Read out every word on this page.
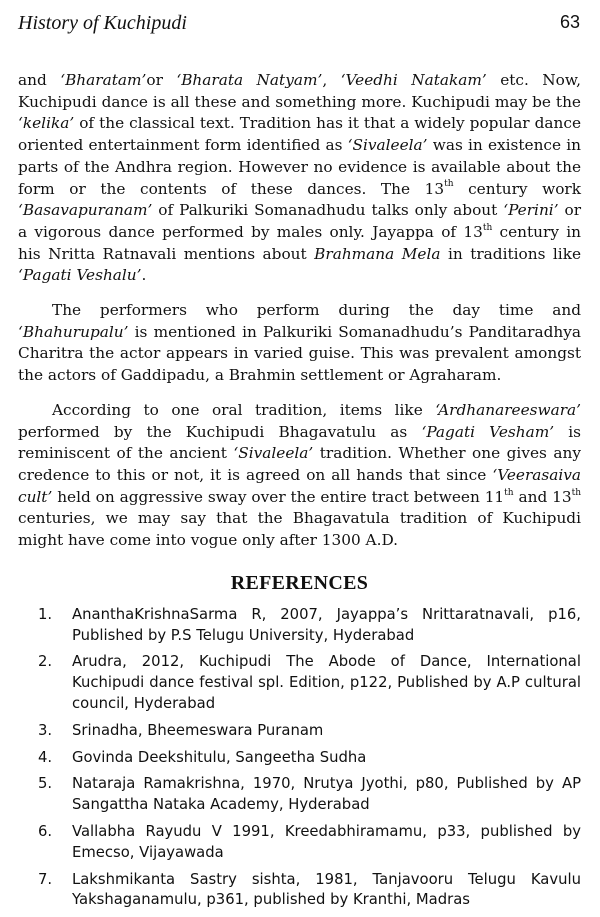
History of Kuchipudi	63

and ‘Bharatam’or ‘Bharata Natyam’, ‘Veedhi Natakam’ etc. Now, Kuchipudi dance is all these and something more. Kuchipudi may be the ‘kelika’ of the classical text. Tradition has it that a widely popular dance oriented entertainment form identified as ‘Sivaleela’ was in existence in parts of the Andhra region. However no evidence is available about the form or the contents of these dances. The 13th century work ‘Basavapuranam’ of Palkuriki Somanadhudu talks only about ‘Perini’ or a vigorous dance performed by males only. Jayappa of 13th century in his Nritta Ratnavali mentions about Brahmana Mela in traditions like ‘Pagati Veshalu’.

The performers who perform during the day time and ‘Bhahurupalu’ is mentioned in Palkuriki Somanadhudu’s Panditaradhya Charitra the actor appears in varied guise. This was prevalent amongst the actors of Gaddipadu, a Brahmin settlement or Agraharam.

According to one oral tradition, items like ‘Ardhanareeswara’ performed by the Kuchipudi Bhagavatulu as ‘Pagati Vesham’ is reminiscent of the ancient ‘Sivaleela’ tradition. Whether one gives any credence to this or not, it is agreed on all hands that since ‘Veerasaiva cult’ held on aggressive sway over the entire tract between 11th and 13th centuries, we may say that the Bhagavatula tradition of Kuchipudi might have come into vogue only after 1300 A.D.

REFERENCES
1.	AnanthaKrishnaSarma R, 2007, Jayappa’s Nrittaratnavali, p16, Published by P.S Telugu University, Hyderabad
2.	Arudra, 2012, Kuchipudi The Abode of Dance, International Kuchipudi dance festival spl. Edition, p122, Published by A.P cultural council, Hyderabad
3.	Srinadha, Bheemeswara Puranam
4.	Govinda Deekshitulu, Sangeetha Sudha
5.	Nataraja Ramakrishna, 1970, Nrutya Jyothi, p80, Published by AP Sangattha Nataka Academy, Hyderabad
6.	Vallabha Rayudu V 1991, Kreedabhiramamu, p33, published by Emecso, Vijayawada
7.	Lakshmikanta Sastry sishta, 1981, Tanjavooru Telugu Kavulu Yakshaganamulu, p361, published by Kranthi, Madras
